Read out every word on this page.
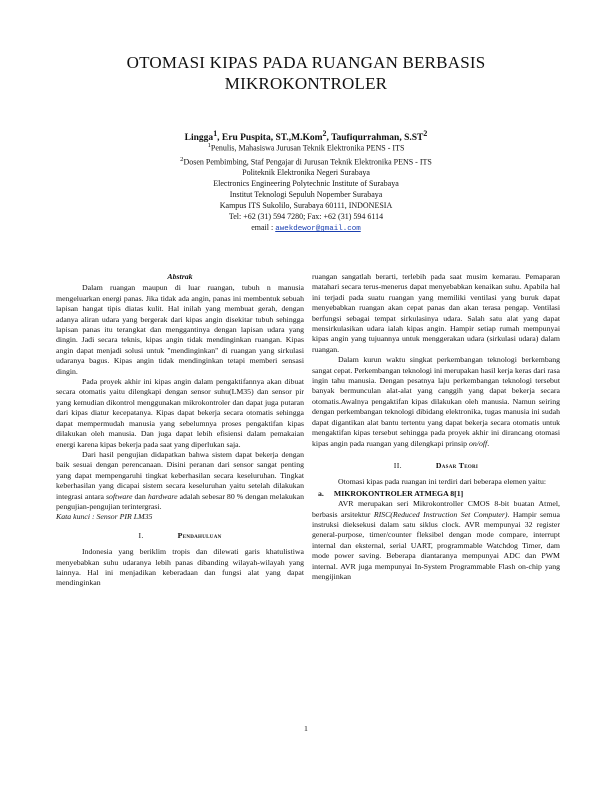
OTOMASI KIPAS PADA RUANGAN BERBASIS
MIKROKONTROLER
Lingga$^1$, Eru Puspita, ST.,M.Kom$^2$, Taufiqurrahman, $S.ST^2$
$^1$Penulis, Mahasiswa Jurusan Teknik Elektronika PENS - ITS
$^2$Dosen Pembimbing, Staf Pengajar di Jurusan Teknik Elektronika PENS - ITS
Politeknik Elektronika Negeri Surabaya
Electronics Engineering Polytechnic Institute of Surabaya
Institut Teknologi Sepuluh Nopember Surabaya
Kampus ITS Sukolilo, Surabaya 60111, INDONESIA
Tel: +62 (31) 594 7280; Fax: +62 (31) 594 6114
email : awekdewor@gmail.com
Abstrak

Dalam ruangan maupun di luar ruangan, tubuh n manusia mengeluarkan energi panas. Jika tidak ada angin, panas ini membentuk sebuah lapisan hangat tipis diatas kulit. Hal inilah yang membuat gerah, dengan adanya aliran udara yang bergerak dari kipas angin disekitar tubuh sehingga lapisan panas itu terangkat dan menggantinya dengan lapisan udara yang dingin. Jadi secara teknis, kipas angin tidak mendinginkan ruangan. Kipas angin dapat menjadi solusi untuk "mendinginkan" di ruangan yang sirkulasi udaranya bagus. Kipas angin tidak mendinginkan tetapi memberi sensasi dingin.

Pada proyek akhir ini kipas angin dalam pengaktifannya akan dibuat secara otomatis yaitu dilengkapi dengan sensor suhu(LM35) dan sensor pir yang kemudian dikontrol menggunakan mikrokontroler dan dapat juga putaran dari kipas diatur kecepatanya. Kipas dapat bekerja secara otomatis sehingga dapat mempermudah manusia yang sebelumnya proses pengaktifan kipas dilakukan oleh manusia. Dan juga dapat lebih efisiensi dalam pemakaian energi karena kipas bekerja pada saat yang diperlukan saja.

Dari hasil pengujian didapatkan bahwa sistem dapat bekerja dengan baik sesuai dengan perencanaan. Disini peranan dari sensor sangat penting yang dapat mempengaruhi tingkat keberhasilan secara keseluruhan. Tingkat keberhasilan yang dicapai sistem secara keseluruhan yaitu setelah dilakukan integrasi antara software dan hardware adalah sebesar 80 % dengan melakukan pengujian-pengujian terintergrasi.

Kata kunci : Sensor PIR LM35

I.	Pendahuluan

Indonesia yang beriklim tropis dan dilewati garis khatulistiwa menyebabkan suhu udaranya lebih panas dibanding wilayah-wilayah yang lainnya. Hal ini menjadikan keberadaan dan fungsi alat yang dapat mendinginkan

ruangan sangatlah berarti, terlebih pada saat musim kemarau. Pemaparan matahari secara terus-menerus dapat menyebabkan kenaikan suhu. Apabila hal ini terjadi pada suatu ruangan yang memiliki ventilasi yang buruk dapat menyebabkan ruangan akan cepat panas dan akan terasa pengap. Ventilasi berfungsi sebagai tempat sirkulasinya udara. Salah satu alat yang dapat mensirkulasikan udara ialah kipas angin. Hampir setiap rumah mempunyai kipas angin yang tujuannya untuk menggerakan udara (sirkulasi udara) dalam ruangan.

Dalam kurun waktu singkat perkembangan teknologi berkembang sangat cepat. Perkembangan teknologi ini merupakan hasil kerja keras dari rasa ingin tahu manusia. Dengan pesatnya laju perkembangan teknologi tersebut banyak bermunculan alat-alat yang canggih yang dapat bekerja secara otomatis.Awalnya pengaktifan kipas dilakukan oleh manusia. Namun seiring dengan perkembangan teknologi dibidang elektronika, tugas manusia ini sudah dapat digantikan alat bantu tertentu yang dapat bekerja secara otomatis untuk mengaktifan kipas tersebut sehingga pada proyek akhir ini dirancang otomasi kipas angin pada ruangan yang dilengkapi prinsip on/off.

II.	Dasar Teori

Otomasi kipas pada ruangan ini terdiri dari beberapa elemen yaitu:

a. MIKROKONTROLER ATMEGA 8[1]

AVR merupakan seri Mikrokontroller CMOS 8-bit buatan Atmel, berbasis arsitektur RISC(Reduced Instruction Set Computer). Hampir semua instruksi dieksekusi dalam satu siklus clock. AVR mempunyai 32 register general-purpose, timer/counter fleksibel dengan mode compare, interrupt internal dan eksternal, serial UART, programmable Watchdog Timer, dam mode power saving. Beberapa diantaranya mempunyai ADC dan PWM internal. AVR juga mempunyai In-System Programmable Flash on-chip yang mengijinkan

1
